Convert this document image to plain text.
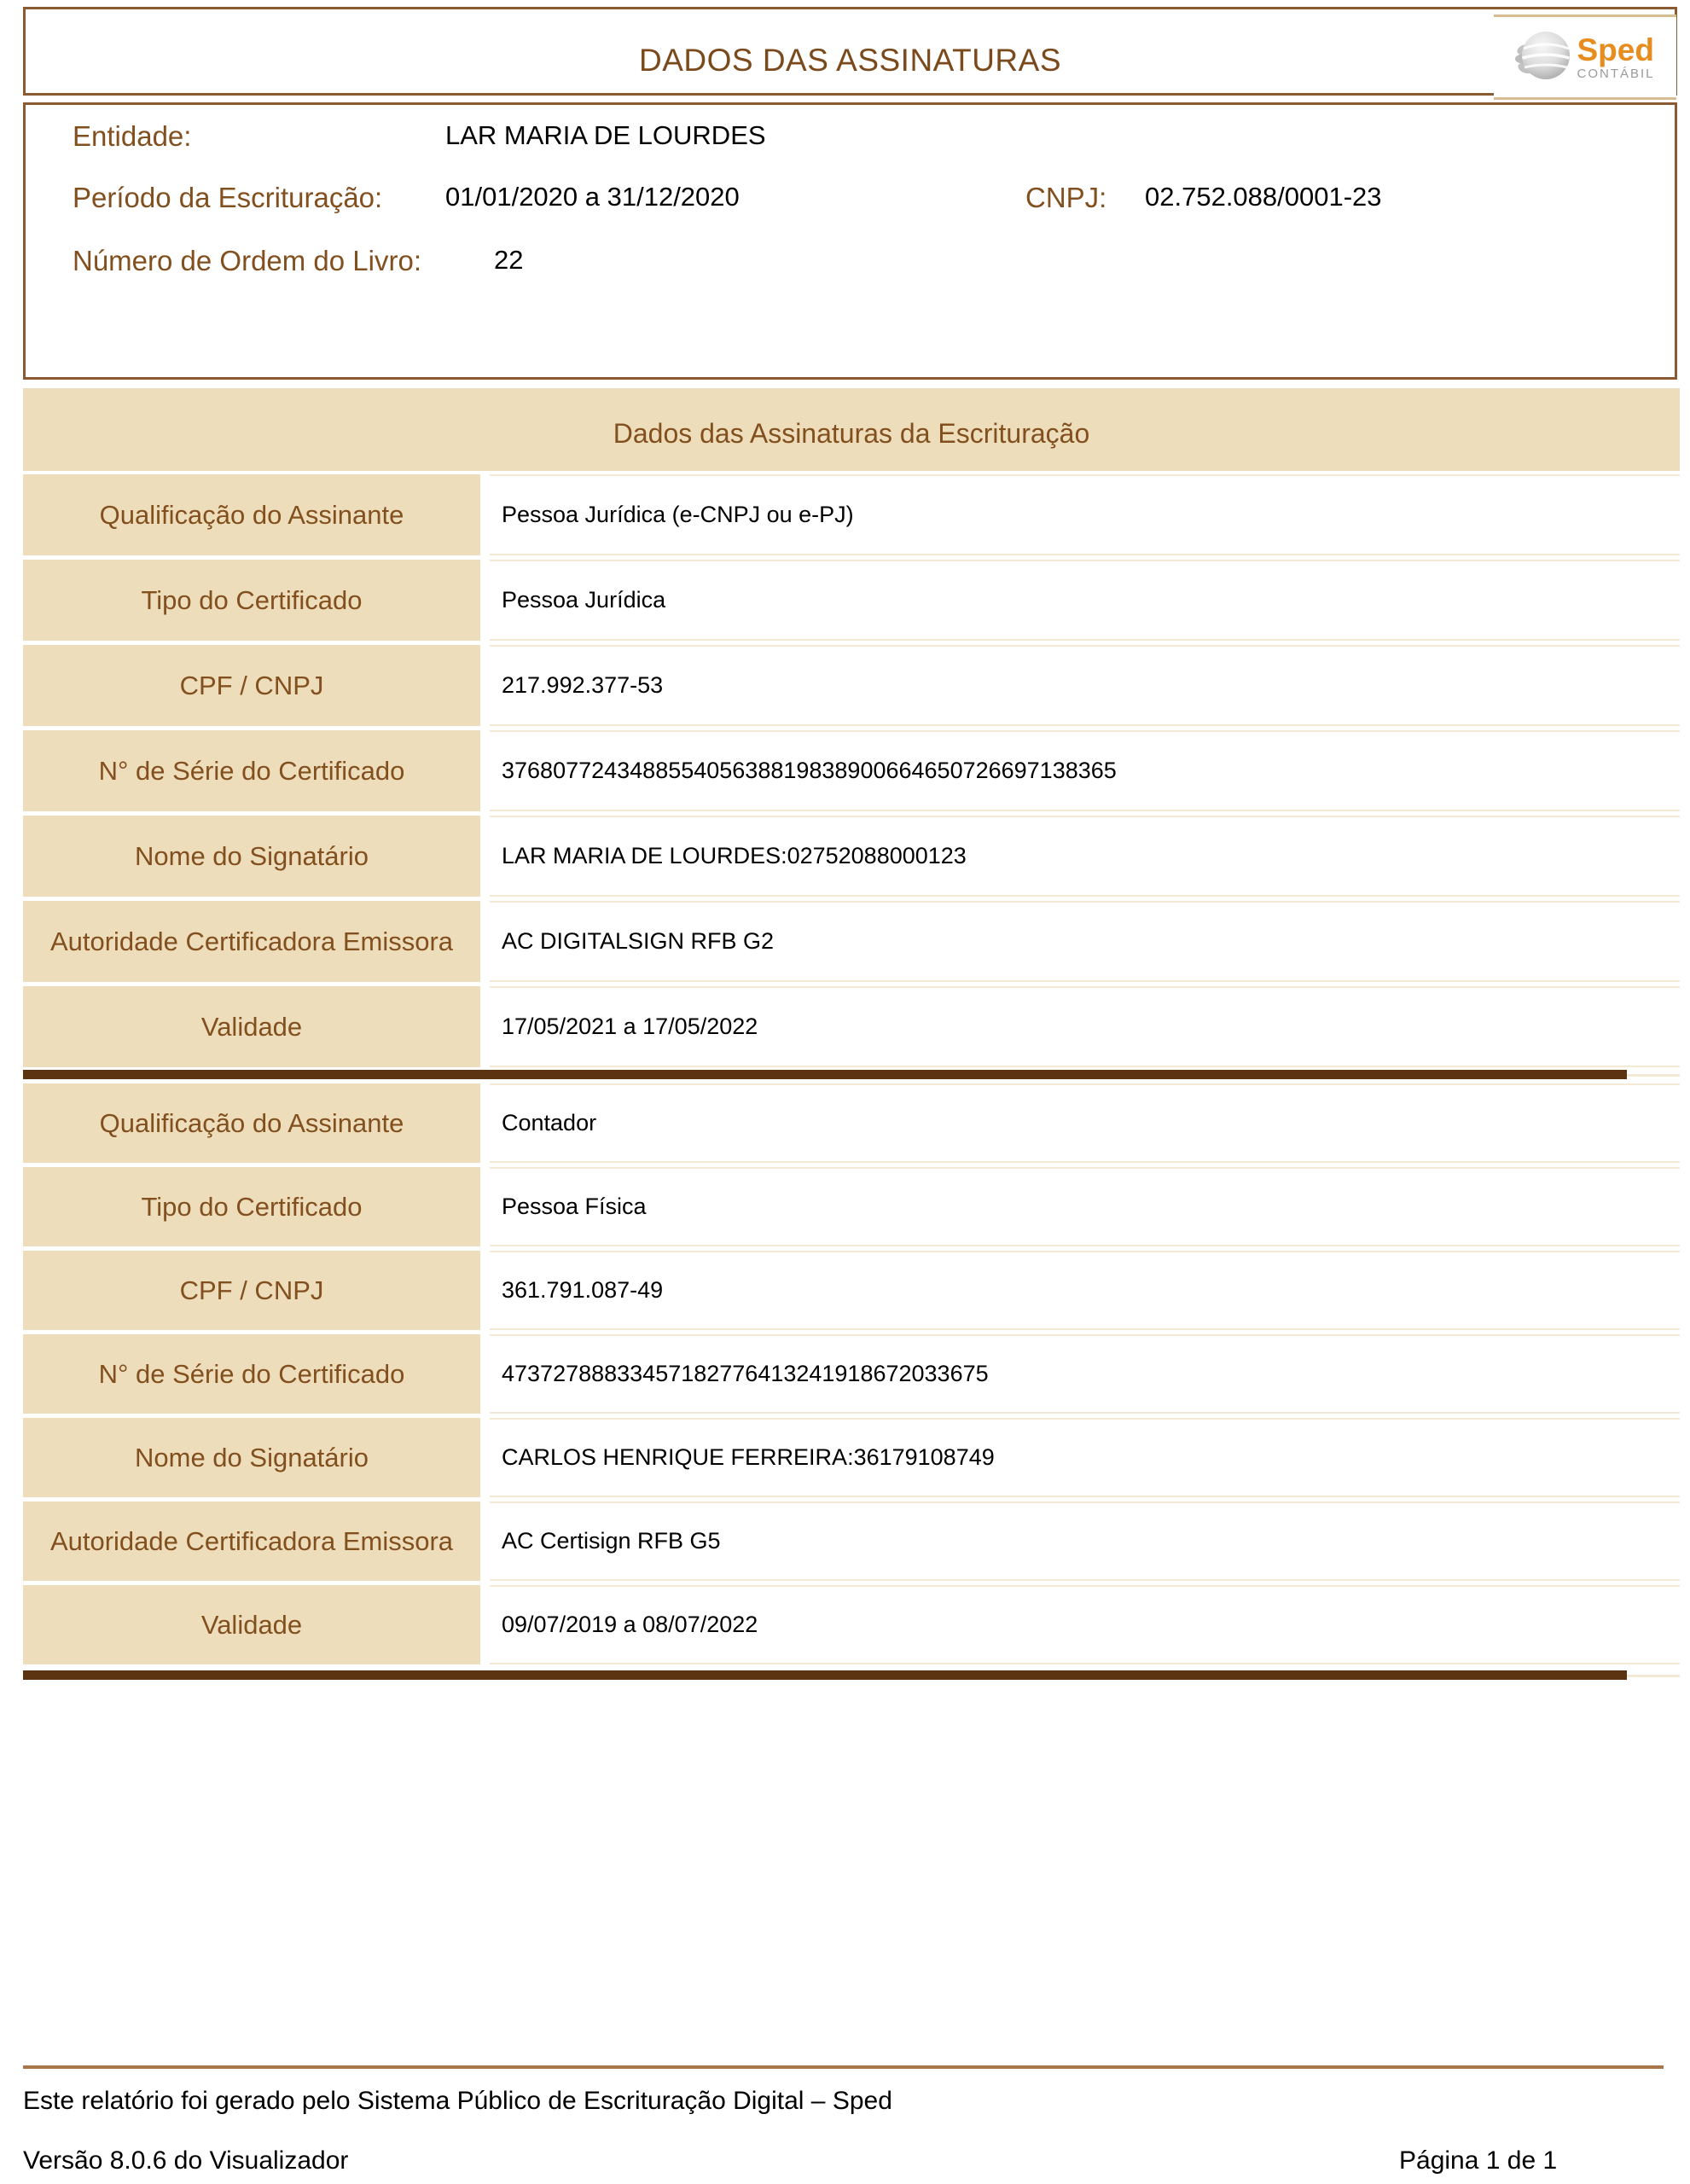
DADOS DAS ASSINATURAS	Sped
CONTÁBIL
Entidade:	LAR MARIA DE LOURDES
Período da Escrituração: 01/01/2020 a 31/12/2020	CNPJ: 02.752.088/0001-23
Número de Ordem do Livro:	22
Dados das Assinaturas da Escrituração
Qualificação do Assinante	Pessoa Jurídica (e-CNPJ ou e-PJ)
Tipo do Certificado	Pessoa Jurídica
CPF / CNPJ	217.992.377-53
N° de Série do Certificado	376807724348855405638819838900664650726697138365
Nome do Signatário	LAR MARIA DE LOURDES:02752088000123
Autoridade Certificadora Emissora	AC DIGITALSIGN RFB G2
Validade	17/05/2021 a 17/05/2022
Qualificação do Assinante	Contador
Tipo do Certificado	Pessoa Física
CPF / CNPJ	361.791.087-49
N° de Série do Certificado	47372788833457182776413241918672033675
Nome do Signatário	CARLOS HENRIQUE FERREIRA:36179108749
Autoridade Certificadora Emissora	AC Certisign RFB G5
Validade	09/07/2019 a 08/07/2022
Este relatório foi gerado pelo Sistema Público de Escrituração Digital – Sped
Versão 8.0.6 do Visualizador	Página 1 de 1
